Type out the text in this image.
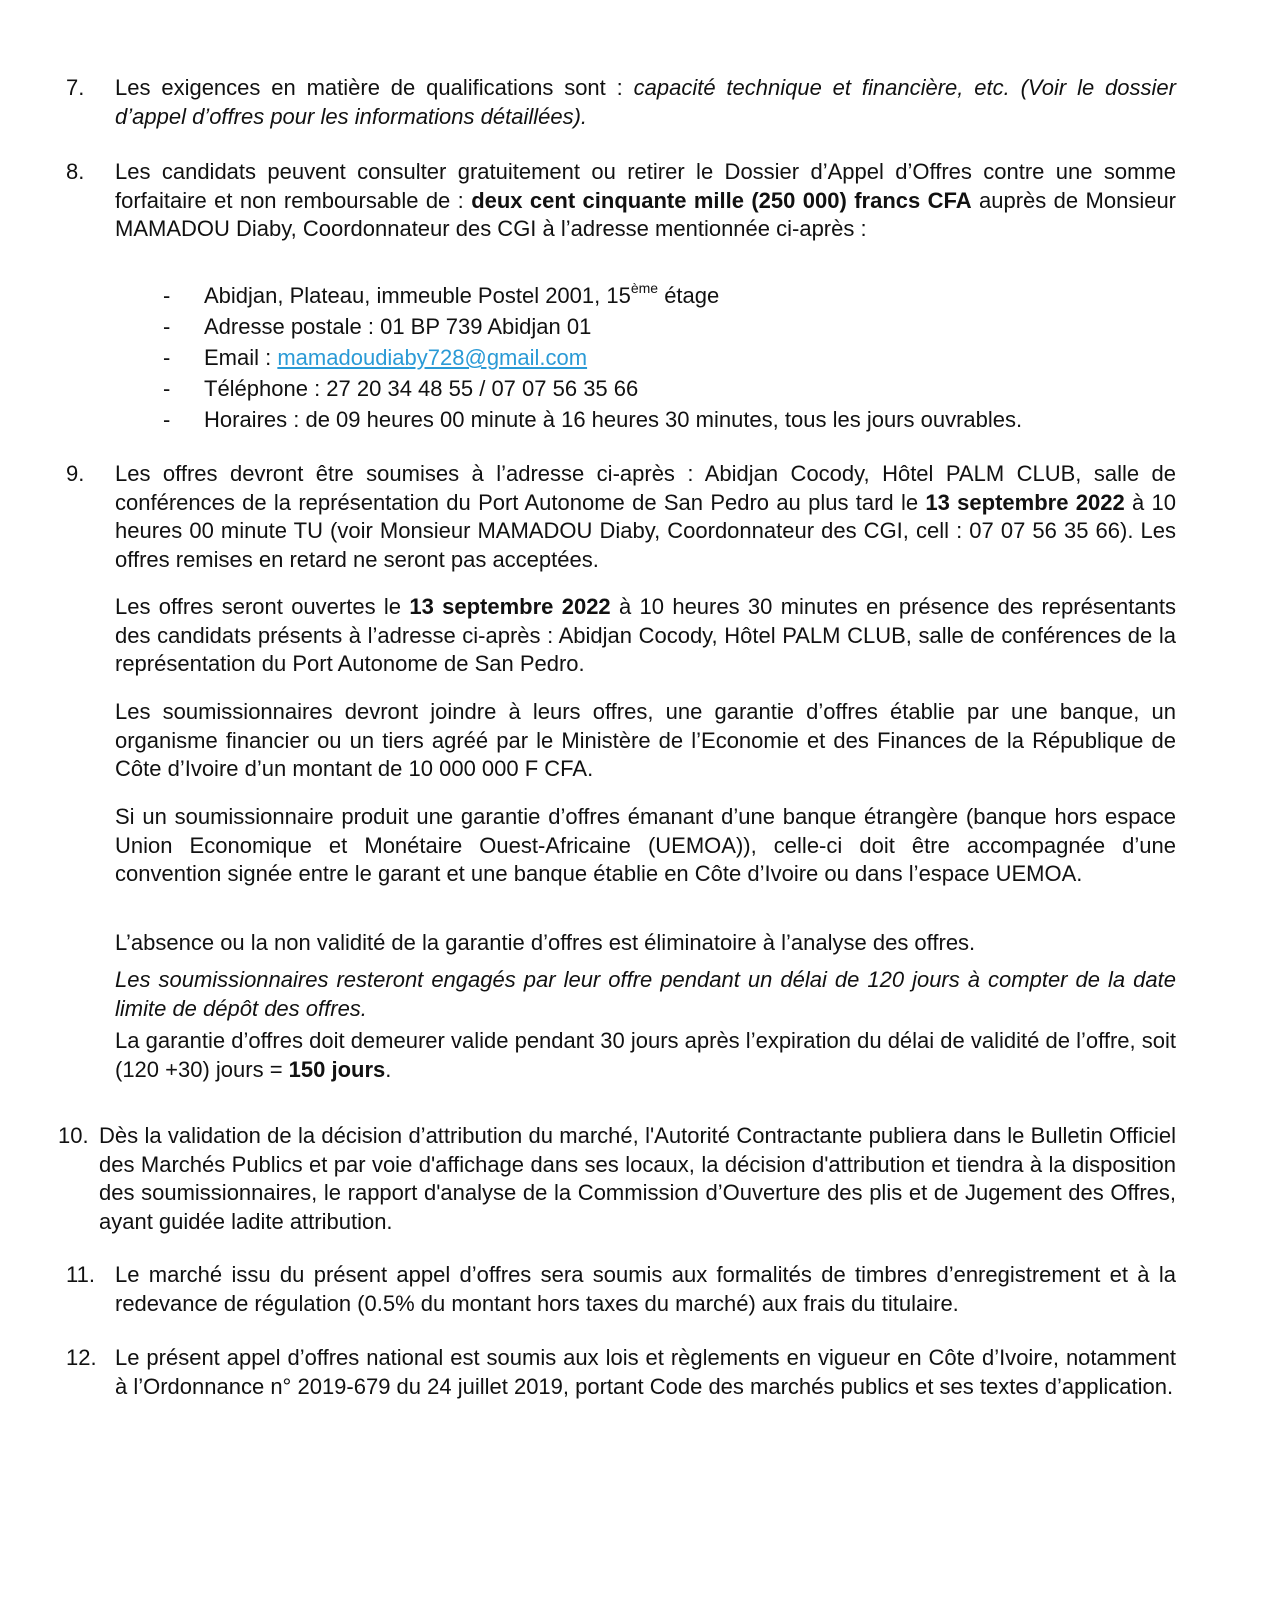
7. Les exigences en matière de qualifications sont : capacité technique et financière, etc. (Voir le dossier d’appel d’offres pour les informations détaillées).

8. Les candidats peuvent consulter gratuitement ou retirer le Dossier d’Appel d’Offres contre une somme forfaitaire et non remboursable de : deux cent cinquante mille (250 000) francs CFA auprès de Monsieur MAMADOU Diaby, Coordonnateur des CGI à l’adresse mentionnée ci-après :

- Abidjan, Plateau, immeuble Postel 2001, 15ème étage
- Adresse postale : 01 BP 739 Abidjan 01
- Email : mamadoudiaby728@gmail.com
- Téléphone : 27 20 34 48 55 / 07 07 56 35 66
- Horaires : de 09 heures 00 minute à 16 heures 30 minutes, tous les jours ouvrables.
9. Les offres devront être soumises à l’adresse ci-après : Abidjan Cocody, Hôtel PALM CLUB, salle de conférences de la représentation du Port Autonome de San Pedro au plus tard le 13 septembre 2022 à 10 heures 00 minute TU (voir Monsieur MAMADOU Diaby, Coordonnateur des CGI, cell : 07 07 56 35 66). Les offres remises en retard ne seront pas acceptées.

Les offres seront ouvertes le 13 septembre 2022 à 10 heures 30 minutes en présence des représentants des candidats présents à l’adresse ci-après : Abidjan Cocody, Hôtel PALM CLUB, salle de conférences de la représentation du Port Autonome de San Pedro.

Les soumissionnaires devront joindre à leurs offres, une garantie d’offres établie par une banque, un organisme financier ou un tiers agréé par le Ministère de l’Economie et des Finances de la République de Côte d’Ivoire d’un montant de 10 000 000 F CFA.

Si un soumissionnaire produit une garantie d’offres émanant d’une banque étrangère (banque hors espace Union Economique et Monétaire Ouest-Africaine (UEMOA)), celle-ci doit être accompagnée d’une convention signée entre le garant et une banque établie en Côte d’Ivoire ou dans l’espace UEMOA.

L’absence ou la non validité de la garantie d’offres est éliminatoire à l’analyse des offres.

Les soumissionnaires resteront engagés par leur offre pendant un délai de 120 jours à compter de la date limite de dépôt des offres.

La garantie d’offres doit demeurer valide pendant 30 jours après l’expiration du délai de validité de l’offre, soit (120 +30) jours = 150 jours.

10. Dès la validation de la décision d’attribution du marché, l'Autorité Contractante publiera dans le Bulletin Officiel des Marchés Publics et par voie d'affichage dans ses locaux, la décision d'attribution et tiendra à la disposition des soumissionnaires, le rapport d'analyse de la Commission d’Ouverture des plis et de Jugement des Offres, ayant guidée ladite attribution.

11. Le marché issu du présent appel d’offres sera soumis aux formalités de timbres d’enregistrement et à la redevance de régulation (0.5% du montant hors taxes du marché) aux frais du titulaire.

12. Le présent appel d’offres national est soumis aux lois et règlements en vigueur en Côte d’Ivoire, notamment à l’Ordonnance n° 2019-679 du 24 juillet 2019, portant Code des marchés publics et ses textes d’application.
